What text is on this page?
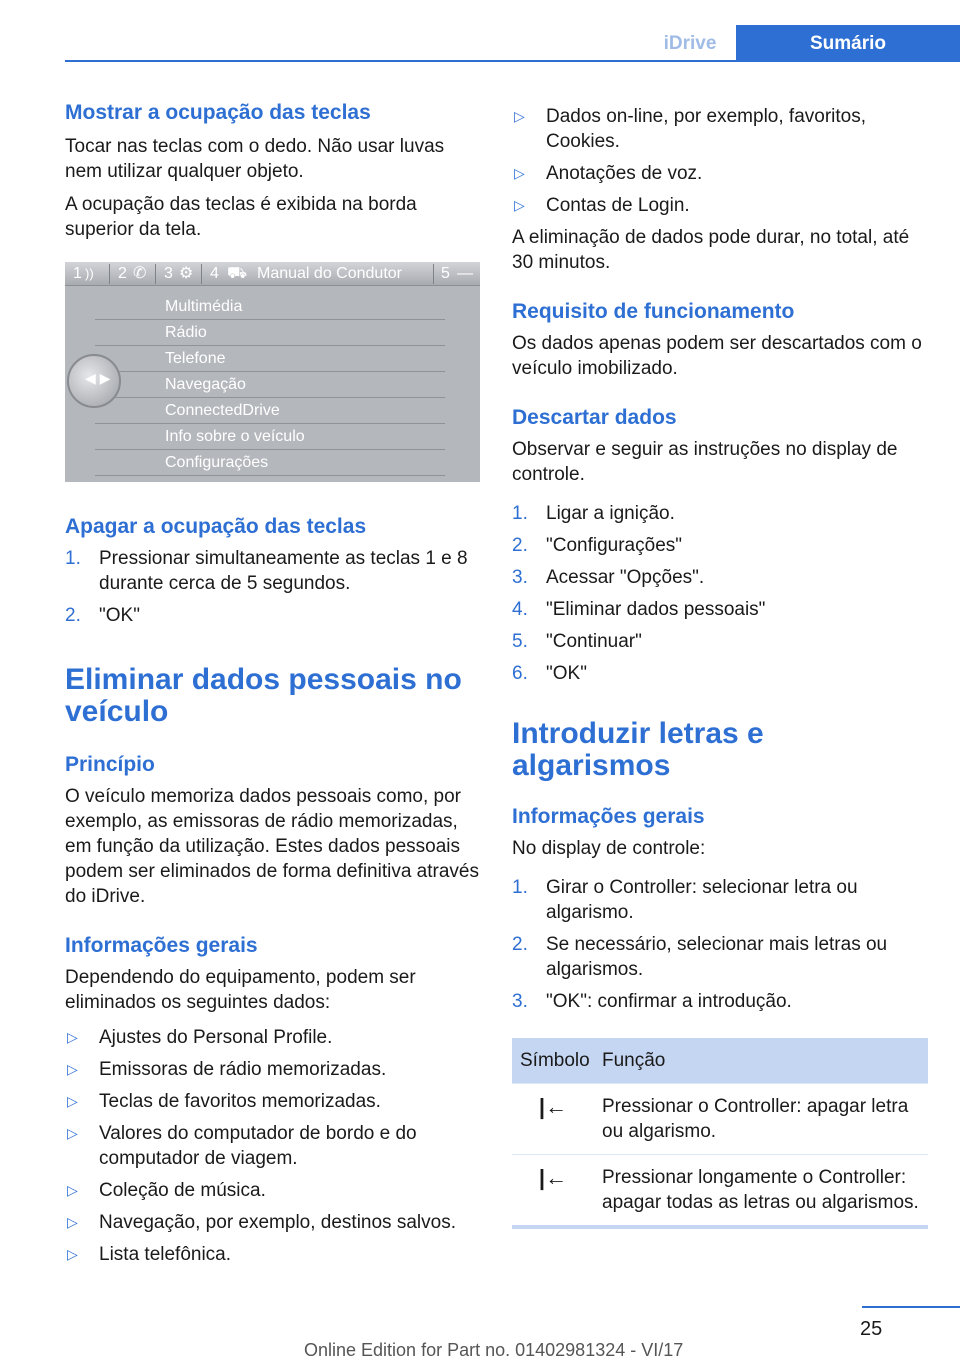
iDrive	Sumário
Mostrar a ocupação das teclas

Tocar nas teclas com o dedo. Não usar luvas nem utilizar qualquer objeto.

A ocupação das teclas é exibida na borda superior da tela.

1 )) 2 ✆ 3 ⚙ 4 ⛟ Manual do Condutor 5 —
Multimédia
Rádio
Telefone
Navegação
ConnectedDrive
Info sobre o veículo
Configurações
◀ ▶
Apagar a ocupação das teclas
1. Pressionar simultaneamente as teclas 1 e 8 durante cerca de 5 segundos.
2. "OK"
Eliminar dados pessoais no veículo
Princípio

O veículo memoriza dados pessoais como, por exemplo, as emissoras de rádio memorizadas, em função da utilização. Estes dados pessoais podem ser eliminados de forma definitiva através do iDrive.

Informações gerais

Dependendo do equipamento, podem ser eliminados os seguintes dados:

▷ Ajustes do Personal Profile.
▷ Emissoras de rádio memorizadas.
▷ Teclas de favoritos memorizadas.
▷ Valores do computador de bordo e do computador de viagem.
▷ Coleção de música.
▷ Navegação, por exemplo, destinos salvos.
▷ Lista telefônica.
▷ Dados on-line, por exemplo, favoritos, Cookies.
▷ Anotações de voz.
▷ Contas de Login.

A eliminação de dados pode durar, no total, até 30 minutos.

Requisito de funcionamento

Os dados apenas podem ser descartados com o veículo imobilizado.

Descartar dados

Observar e seguir as instruções no display de controle.

1. Ligar a ignição.
2. "Configurações"
3. Acessar "Opções".
4. "Eliminar dados pessoais"
5. "Continuar"
6. "OK"
Introduzir letras e algarismos
Informações gerais

No display de controle:

1. Girar o Controller: selecionar letra ou algarismo.
2. Se necessário, selecionar mais letras ou algarismos.
3. "OK": confirmar a introdução.
Símbolo Função
|←	Pressionar o Controller: apagar letra ou algarismo.
|←	Pressionar longamente o Controller: apagar todas as letras ou algarismos.
25
Online Edition for Part no. 01402981324 - VI/17
